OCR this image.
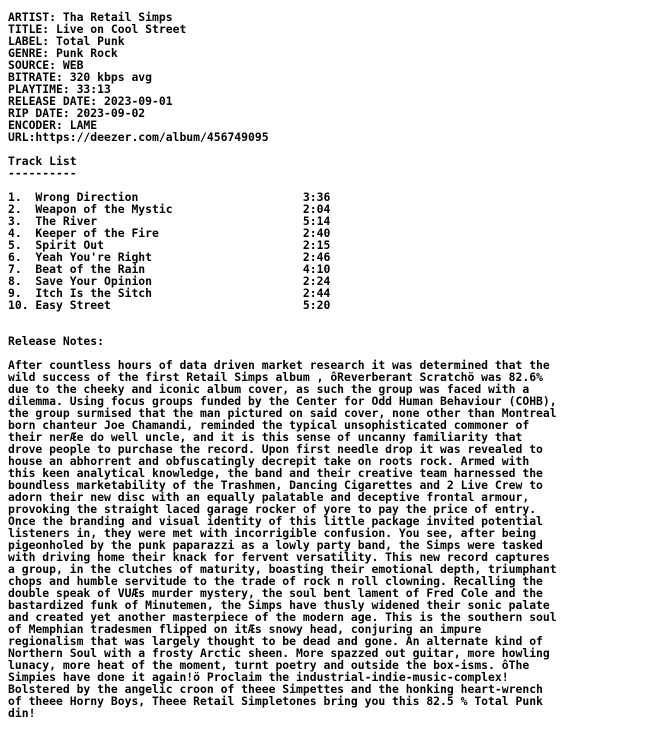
ARTIST: Tha Retail Simps
TITLE: Live on Cool Street
LABEL: Total Punk
GENRE: Punk Rock
SOURCE: WEB
BITRATE: 320 kbps avg
PLAYTIME: 33:13
RELEASE DATE: 2023-09-01
RIP DATE: 2023-09-02
ENCODER: LAME
URL:https://deezer.com/album/456749095
Track List
----------
1.  Wrong Direction                        3:36
2.  Weapon of the Mystic                   2:04
3.  The River                              5:14
4.  Keeper of the Fire                     2:40
5.  Spirit Out                             2:15
6.  Yeah You're Right                      2:46
7.  Beat of the Rain                       4:10
8.  Save Your Opinion                      2:24
9.  Itch Is the Sitch                      2:44
10. Easy Street                            5:20
Release Notes:
After countless hours of data driven market research it was determined that the
wild success of the first Retail Simps album , ôReverberant Scratchö was 82.6%
due to the cheeky and iconic album cover, as such the group was faced with a
dilemma. Using focus groups funded by the Center for Odd Human Behaviour (COHB),
the group surmised that the man pictured on said cover, none other than Montreal
born chanteur Joe Chamandi, reminded the typical unsophisticated commoner of
their nerÆe do well uncle, and it is this sense of uncanny familiarity that
drove people to purchase the record. Upon first needle drop it was revealed to
house an abhorrent and obfuscatingly decrepit take on roots rock. Armed with
this keen analytical knowledge, the band and their creative team harnessed the
boundless marketability of the Trashmen, Dancing Cigarettes and 2 Live Crew to
adorn their new disc with an equally palatable and deceptive frontal armour,
provoking the straight laced garage rocker of yore to pay the price of entry.
Once the branding and visual identity of this little package invited potential
listeners in, they were met with incorrigible confusion. You see, after being
pigeonholed by the punk paparazzi as a lowly party band, the Simps were tasked
with driving home their knack for fervent versatility. This new record captures
a group, in the clutches of maturity, boasting their emotional depth, triumphant
chops and humble servitude to the trade of rock n roll clowning. Recalling the
double speak of VUÆs murder mystery, the soul bent lament of Fred Cole and the
bastardized funk of Minutemen, the Simps have thusly widened their sonic palate
and created yet another masterpiece of the modern age. This is the southern soul
of Memphian tradesmen flipped on itÆs snowy head, conjuring an impure
regionalism that was largely thought to be dead and gone. An alternate kind of
Northern Soul with a frosty Arctic sheen. More spazzed out guitar, more howling
lunacy, more heat of the moment, turnt poetry and outside the box-isms. ôThe
Simpies have done it again!ö Proclaim the industrial-indie-music-complex!
Bolstered by the angelic croon of theee Simpettes and the honking heart-wrench
of theee Horny Boys, Theee Retail Simpletones bring you this 82.5 % Total Punk
din!
